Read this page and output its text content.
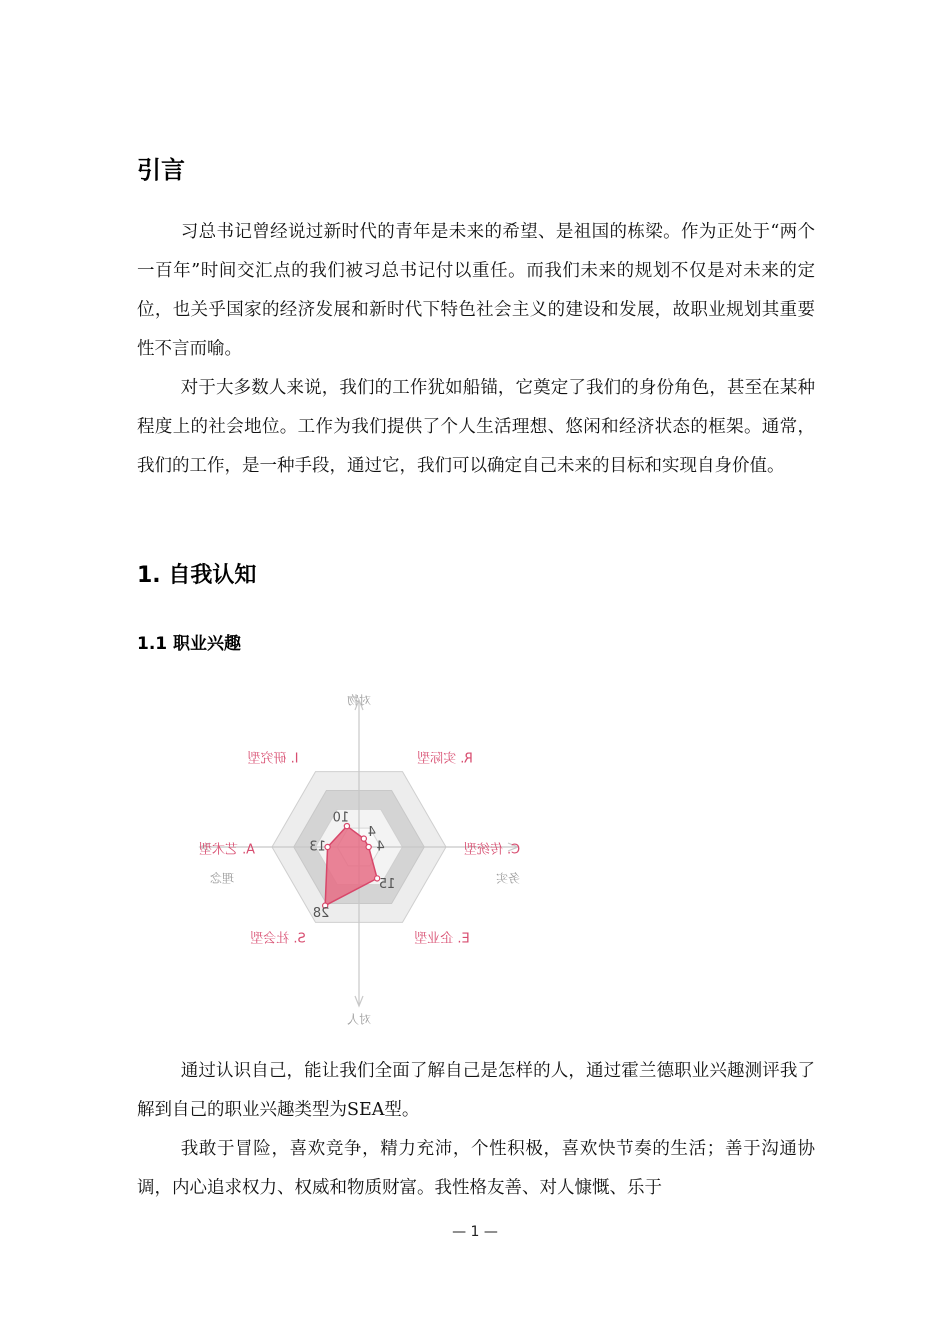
引言

习总书记曾经说过新时代的青年是未来的希望、是祖国的栋梁。作为正处于“两个一百年”时间交汇点的我们被习总书记付以重任。而我们未来的规划不仅是对未来的定位，也关乎国家的经济发展和新时代下特色社会主义的建设和发展，故职业规划其重要性不言而喻。

对于大多数人来说，我们的工作犹如船锚，它奠定了我们的身份角色，甚至在某种程度上的社会地位。工作为我们提供了个人生活理想、悠闲和经济状态的框架。通常，我们的工作，是一种手段，通过它，我们可以确定自己未来的目标和实现自身价值。

1. 自我认知
1.1 职业兴趣
4
4
15
28
13
10
R. 实际型
C. 传统型
E. 企业型
S. 社会型
A. 艺术型
I. 研究型
对物
对人
理念	务实

通过认识自己，能让我们全面了解自己是怎样的人，通过霍兰德职业兴趣测评我了解到自己的职业兴趣类型为SEA型。

我敢于冒险，喜欢竞争，精力充沛，个性积极，喜欢快节奏的生活；善于沟通协调，内心追求权力、权威和物质财富。我性格友善、对人慷慨、乐于

— 1 —
